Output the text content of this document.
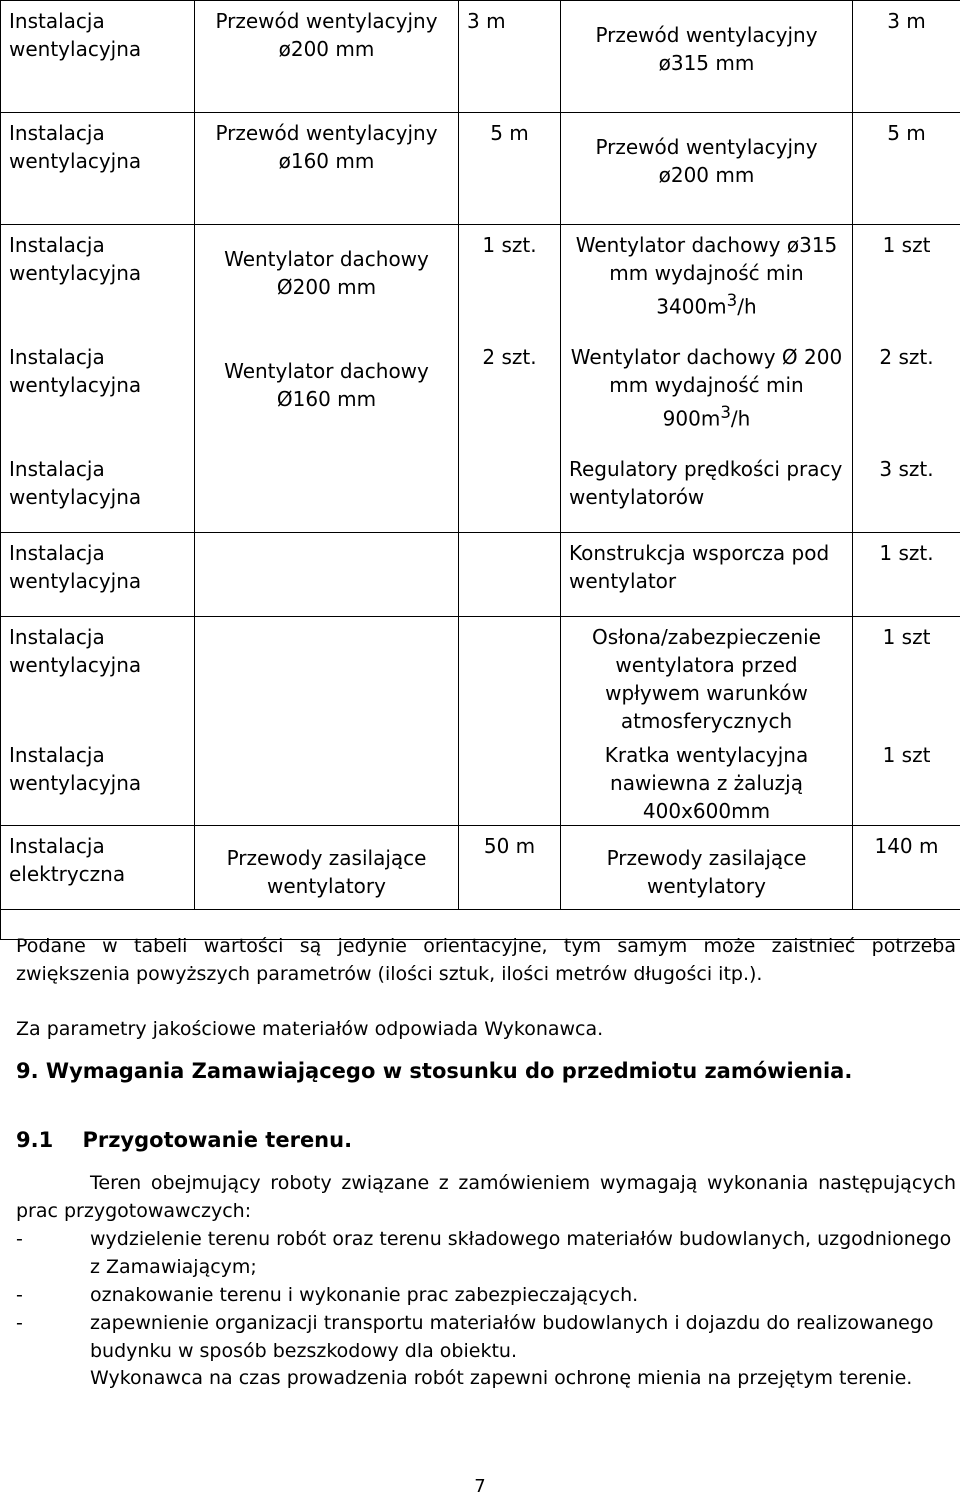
Instalacja wentylacyjna	Przewód wentylacyjny ø200 mm	3 m	Przewód wentylacyjny ø315 mm	3 m
Instalacja wentylacyjna	Przewód wentylacyjny ø160 mm	5 m	Przewód wentylacyjny ø200 mm	5 m
Instalacja wentylacyjna	Wentylator dachowy Ø200 mm	1 szt.	Wentylator dachowy ø315 mm wydajność $\min 3400m^3/h$	1 szt
Instalacja wentylacyjna	Wentylator dachowy Ø160 mm	2 szt.	Wentylator dachowy Ø 200 mm wydajność $\min 900m^3/h$	2 szt.
Instalacja wentylacyjna			Regulatory prędkości pracy wentylatorów	3 szt.
Instalacja wentylacyjna			Konstrukcja wsporcza pod wentylator	1 szt.
Instalacja wentylacyjna			Osłona/zabezpieczenie wentylatora przed wpływem warunków atmosferycznych	1 szt
Instalacja wentylacyjna			Kratka wentylacyjna nawiewna z żaluzją 400x600mm	1 szt
Instalacja elektryczna	Przewody zasilające wentylatory	50 m	Przewody zasilające wentylatory	140 m

Podane w tabeli wartości są jedynie orientacyjne, tym samym może zaistnieć potrzeba zwiększenia powyższych parametrów (ilości sztuk, ilości metrów długości itp.).
Za parametry jakościowe materiałów odpowiada Wykonawca.
9. Wymagania Zamawiającego w stosunku do przedmiotu zamówienia.
9.1    Przygotowanie terenu.
Teren obejmujący roboty związane z zamówieniem wymagają wykonania następujących prac przygotowawczych:
-	wydzielenie terenu robót oraz terenu składowego materiałów budowlanych, uzgodnionego z Zamawiającym;
-	oznakowanie terenu i wykonanie prac zabezpieczających.
-	zapewnienie organizacji transportu materiałów budowlanych i dojazdu do realizowanego budynku w sposób bezszkodowy dla obiektu.
Wykonawca na czas prowadzenia robót zapewni ochronę mienia na przejętym terenie.
7
